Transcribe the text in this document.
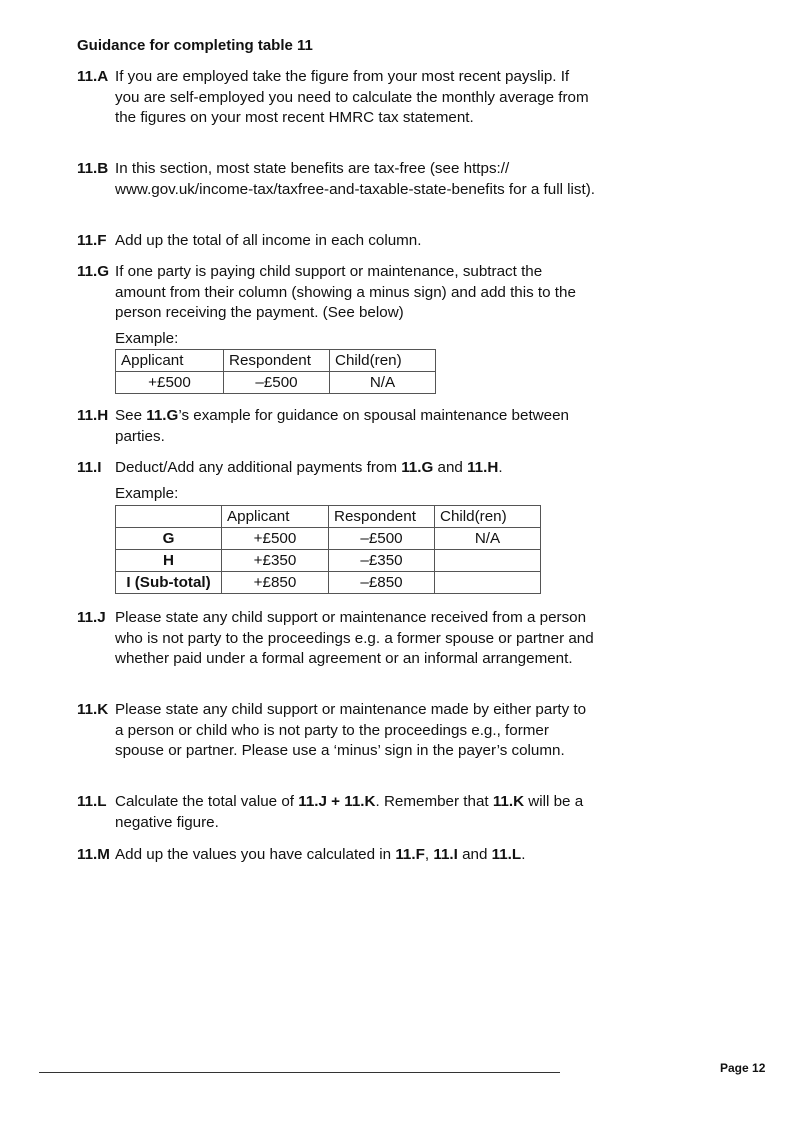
Guidance for completing table 11
11.A If you are employed take the figure from your most recent payslip. If you are self-employed you need to calculate the monthly average from the figures on your most recent HMRC tax statement.
11.B In this section, most state benefits are tax-free (see https:// www.gov.uk/income-tax/taxfree-and-taxable-state-benefits for a full list).
11.F Add up the total of all income in each column.
11.G If one party is paying child support or maintenance, subtract the amount from their column (showing a minus sign) and add this to the person receiving the payment. (See below)
Example:
Applicant	Respondent	Child(ren)
+£500	–£500	N/A
11.H See 11.G’s example for guidance on spousal maintenance between parties.
11.I Deduct/Add any additional payments from 11.G and 11.H.
Example:
	Applicant	Respondent	Child(ren)
G	+£500	–£500	N/A
H	+£350	–£350	
I (Sub-total)	+£850	–£850	
11.J Please state any child support or maintenance received from a person who is not party to the proceedings e.g. a former spouse or partner and whether paid under a formal agreement or an informal arrangement.
11.K Please state any child support or maintenance made by either party to a person or child who is not party to the proceedings e.g., former spouse or partner. Please use a ‘minus’ sign in the payer’s column.
11.L Calculate the total value of 11.J + 11.K. Remember that 11.K will be a negative figure.
11.M Add up the values you have calculated in 11.F, 11.I and 11.L.
Page 12
